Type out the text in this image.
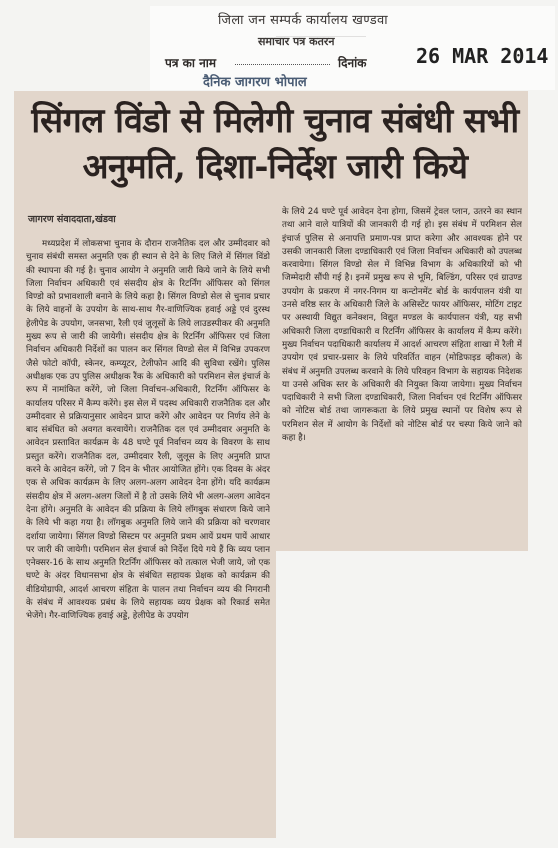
जिला जन सम्पर्क कार्यालय खण्डवा
समाचार पत्र कतरन
पत्र का नाम	दिनांक 26 MAR 2014
दैनिक जागरण भोपाल
सिंगल विंडो से मिलेगी चुनाव संबंधी सभी अनुमति, दिशा-निर्देश जारी किये
जागरण संवाददाता,खंडवा

मध्यप्रदेश में लोकसभा चुनाव के दौरान राजनैतिक दल और उम्मीदवार को चुनाव संबंधी समस्त अनुमति एक ही स्थान से देने के लिए जिले में सिंगल विंडो की स्थापना की गई है। चुनाव आयोग ने अनुमति जारी किये जाने के लिये सभी जिला निर्वाचन अधिकारी एवं संसदीय क्षेत्र के रिटर्निंग ऑफिसर को सिंगल विण्डो को प्रभावशाली बनाने के लिये कहा है। सिंगल विण्डो सेल से चुनाव प्रचार के लिये वाहनों के उपयोग के साथ-साथ गैर-वाणिज्यिक हवाई अड्डे एवं दुरस्थ हेलीपेड के उपयोग, जनसभा, रैली एवं जुलूसों के लिये लाउडस्पीकर की अनुमति मुख्य रूप से जारी की जायेगी। संसदीय क्षेत्र के रिटर्निंग ऑफिसर एवं जिला निर्वाचन अधिकारी निर्देशों का पालन कर सिंगल विण्डो सेल में विभिन्न उपकरण जैसे फोटो कॉपी, स्केनर, कम्प्यूटर, टेलीफोन आदि की सुविधा रखेंगे। पुलिस अधीक्षक एक उप पुलिस अधीक्षक रैंक के अधिकारी को परमिशन सेल इंचार्ज के रूप में नामांकित करेंगे, जो जिला निर्वाचन-अधिकारी, रिटर्निंग ऑफिसर के कार्यालय परिसर में कैम्प करेंगे। इस सेल में पदस्थ अधिकारी राजनैतिक दल और उम्मीदवार से प्रक्रियानुसार आवेदन प्राप्त करेंगे और आवेदन पर निर्णय लेने के बाद संबंधित को अवगत करवायेंगे। राजनैतिक दल एवं उम्मीदवार अनुमति के आवेदन प्रस्तावित कार्यक्रम के 48 घण्टे पूर्व निर्वाचन व्यय के विवरण के साथ प्रस्तुत करेंगे। राजनैतिक दल, उम्मीदवार रैली, जुलूस के लिए अनुमति प्राप्त करने के आवेदन करेंगे, जो 7 दिन के भीतर आयोजित होंगे। एक दिवस के अंदर एक से अधिक कार्यक्रम के लिए अलग-अलग आवेदन देना होंगे। यदि कार्यक्रम संसदीय क्षेत्र में अलग-अलग जिलों में है तो उसके लिये भी अलग-अलग आवेदन देना होंगे। अनुमति के आवेदन की प्रक्रिया के लिये लॉगबुक संधारण किये जाने के लिये भी कहा गया है। लॉगबुक अनुमति लिये जाने की प्रक्रिया को चरणवार दर्शाया जायेगा। सिंगल विण्डो सिस्टम पर अनुमति प्रथम आयें प्रथम पायें आधार पर जारी की जायेगी। परमिशन सेल इंचार्ज को निर्देश दिये गये हैं कि व्यय प्लान एनेक्सर-16 के साथ अनुमति रिटर्निंग ऑफिसर को तत्काल भेजी जाये, जो एक घण्टे के अंदर विधानसभा क्षेत्र के संबंधित सहायक प्रेक्षक को कार्यक्रम की वीडियोग्राफी, आदर्श आचरण संहिता के पालन तथा निर्वाचन व्यय की निगरानी के संबंध में आवश्यक प्रबंध के लिये सहायक व्यय प्रेक्षक को रिकार्ड समेत भेजेंगे। गैर-वाणिज्यिक हवाई अड्डे, हेलीपेड के उपयोग

के लिये 24 घण्टे पूर्व आवेदन देना होगा, जिसमें ट्रेवल प्लान, उतरने का स्थान तथा आने वाले यात्रियों की जानकारी दी गई हो। इस संबंध में परमिशन सेल इंचार्ज पुलिस से अनापत्ति प्रमाण-पत्र प्राप्त करेगा और आवश्यक होने पर उसकी जानकारी जिला दण्डाधिकारी एवं जिला निर्वाचन अधिकारी को उपलब्ध करवायेगा। सिंगल विण्डो सेल में विभिन्न विभाग के अधिकारियों को भी जिम्मेदारी सौंपी गई है। इनमें प्रमुख रूप से भूमि, बिल्डिंग, परिसर एवं ग्राउण्ड उपयोग के प्रकरण में नगर-निगम या कन्टोनमेंट बोर्ड के कार्यपालन यंत्री या उनसे वरिष्ठ स्तर के अधिकारी जिले के असिस्टेंट फायर ऑफिसर, मोटिंग टाइट पर अस्थायी विद्युत कनेक्शन, विद्युत मण्डल के कार्यपालन यंत्री, यह सभी अधिकारी जिला दण्डाधिकारी व रिटर्निंग ऑफिसर के कार्यालय में कैम्प करेंगे। मुख्य निर्वाचन पदाधिकारी कार्यालय में आदर्श आचरण संहिता शाखा में रैली में उपयोग एवं प्रचार-प्रसार के लिये परिवर्तित वाहन (मोडिफाइड व्हीकल) के संबंध में अनुमति उपलब्ध करवाने के लिये परिवहन विभाग के सहायक निदेशक या उनसे अधिक स्तर के अधिकारी की नियुक्त किया जायेगा। मुख्य निर्वाचन पदाधिकारी ने सभी जिला दण्डाधिकारी, जिला निर्वाचन एवं रिटर्निंग ऑफिसर को नोटिस बोर्ड तथा जागरूकता के लिये प्रमुख स्थानों पर विशेष रूप से परमिशन सेल में आयोग के निर्देशों को नोटिस बोर्ड पर चस्पा किये जाने को कहा है।
